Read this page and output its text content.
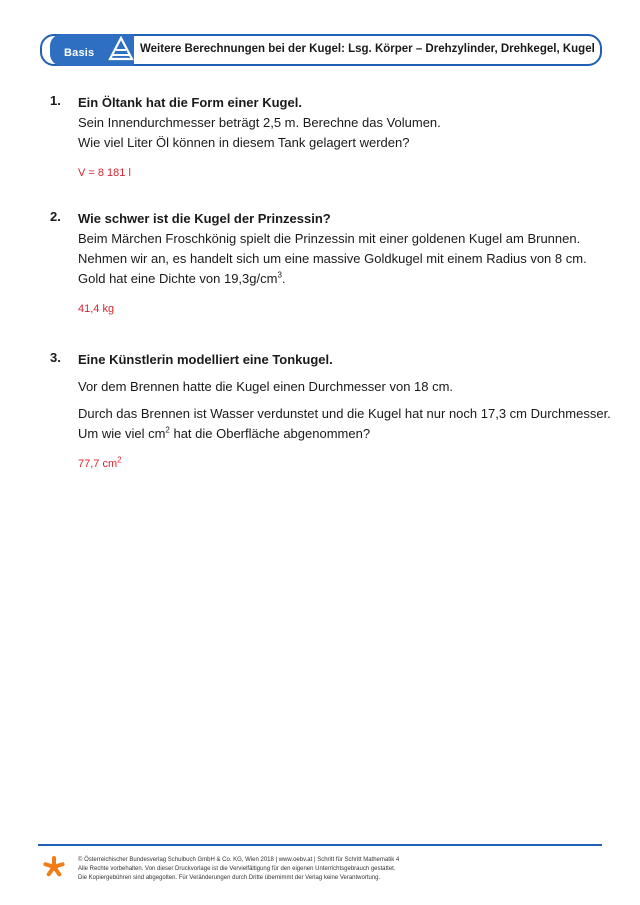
Basis	Weitere Berechnungen bei der Kugel: Lsg. Körper – Drehzylinder, Drehkegel, Kugel
1. Ein Öltank hat die Form einer Kugel.
Sein Innendurchmesser beträgt 2,5 m. Berechne das Volumen.
Wie viel Liter Öl können in diesem Tank gelagert werden?
V = 8 181 l
2. Wie schwer ist die Kugel der Prinzessin?
Beim Märchen Froschkönig spielt die Prinzessin mit einer goldenen Kugel am Brunnen.
Nehmen wir an, es handelt sich um eine massive Goldkugel mit einem Radius von 8 cm.
Gold hat eine Dichte von $19,3g/cm^3$.
41,4 kg
3. Eine Künstlerin modelliert eine Tonkugel.
Vor dem Brennen hatte die Kugel einen Durchmesser von 18 cm.
Durch das Brennen ist Wasser verdunstet und die Kugel hat nur noch 17,3 cm Durchmesser.
Um wie viel $cm^2$ hat die Oberfläche abgenommen?
77,7 $cm^2$
© Österreichischer Bundesverlag Schulbuch GmbH & Co. KG, Wien 2018 | www.oebv.at | Schritt für Schritt Mathematik 4
Alle Rechte vorbehalten. Von dieser Druckvorlage ist die Vervielfältigung für den eigenen Unterrichtsgebrauch gestattet.
Die Kopiergebühren sind abgegolten. Für Veränderungen durch Dritte übernimmt der Verlag keine Verantwortung.
